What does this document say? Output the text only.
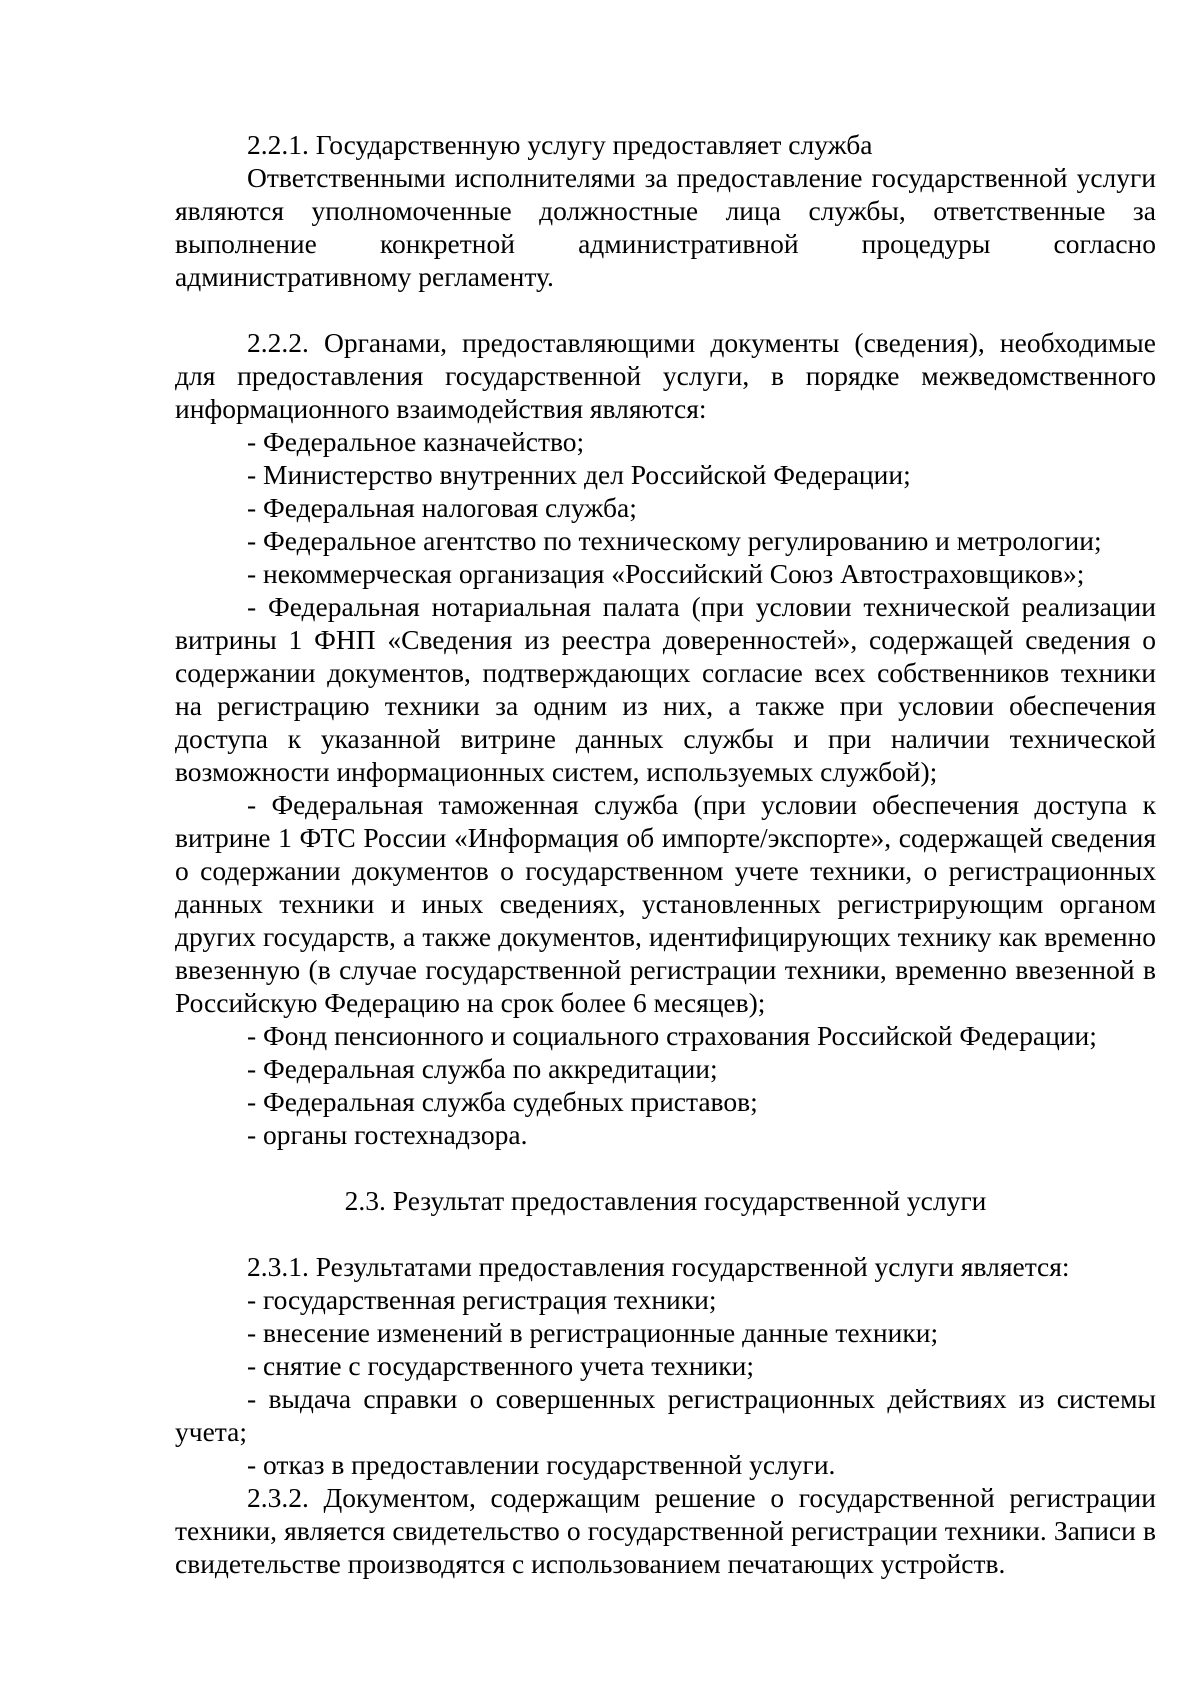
2.2.1. Государственную услугу предоставляет служба

Ответственными исполнителями за предоставление государственной услуги являются уполномоченные должностные лица службы, ответственные за выполнение конкретной административной процедуры согласно административному регламенту.

2.2.2. Органами, предоставляющими документы (сведения), необходимые для предоставления государственной услуги, в порядке межведомственного информационного взаимодействия являются:

- Федеральное казначейство;

- Министерство внутренних дел Российской Федерации;

- Федеральная налоговая служба;

- Федеральное агентство по техническому регулированию и метрологии;

- некоммерческая организация «Российский Союз Автостраховщиков»;

- Федеральная нотариальная палата (при условии технической реализации витрины 1 ФНП «Сведения из реестра доверенностей», содержащей сведения о содержании документов, подтверждающих согласие всех собственников техники на регистрацию техники за одним из них, а также при условии обеспечения доступа к указанной витрине данных службы и при наличии технической возможности информационных систем, используемых службой);

- Федеральная таможенная служба (при условии обеспечения доступа к витрине 1 ФТС России «Информация об импорте/экспорте», содержащей сведения о содержании документов о государственном учете техники, о регистрационных данных техники и иных сведениях, установленных регистрирующим органом других государств, а также документов, идентифицирующих технику как временно ввезенную (в случае государственной регистрации техники, временно ввезенной в Российскую Федерацию на срок более 6 месяцев);

- Фонд пенсионного и социального страхования Российской Федерации;

- Федеральная служба по аккредитации;

- Федеральная служба судебных приставов;

- органы гостехнадзора.

2.3. Результат предоставления государственной услуги

2.3.1. Результатами предоставления государственной услуги является:

- государственная регистрация техники;

- внесение изменений в регистрационные данные техники;

- снятие с государственного учета техники;

- выдача справки о совершенных регистрационных действиях из системы учета;

- отказ в предоставлении государственной услуги.

2.3.2. Документом, содержащим решение о государственной регистрации техники, является свидетельство о государственной регистрации техники. Записи в свидетельстве производятся с использованием печатающих устройств.
